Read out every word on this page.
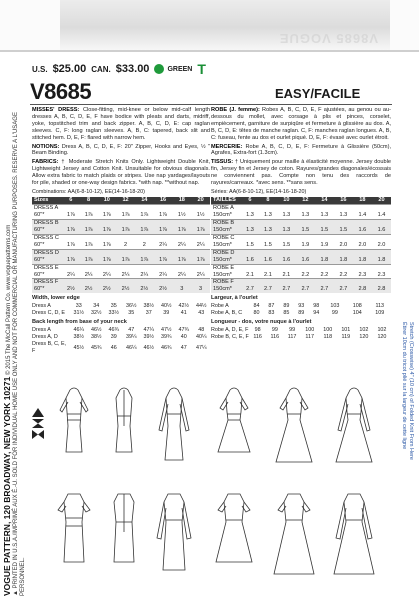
V8685 VOGUE
U.S. $25.00 CAN. $33.00	GREEN T
V8685	EASY/FACILE

MISSES' DRESS: Close-fitting, mid-knee or below mid-calf length dresses A, B, C, D, E, F have bodice with pleats and darts, midriff, yoke, topstitched trim and back zipper. A, B, C, D, E: cap raglan sleeves. C, F: long raglan sleeves. A, B, C: tapered, back slit and stitched hem. D, E, F: flared with narrow hem.

NOTIONS: Dress A, B, C, D, E, F: 20" Zipper, Hooks and Eyes, ½ " Beam Binding.

FABRICS: † Moderate Stretch Knits Only. Lightweight Double Knit, Lightweight Jersey and Cotton Knit. Unsuitable for obvious diagonals. Allow extra fabric to match plaids or stripes. Use nap yardages/layouts for pile, shaded or one-way design fabrics. *with nap. **without nap.

Combinations: AA(6-8-10-12), EE(14-16-18-20)

Sizes	6	8	10	12	14	16	18	20
DRESS A								
60"*	1⅞	1⅞	1⅞	1⅞	1⅞	1⅞	1½	1½
DRESS B								
60"*	1⅞	1⅞	1⅞	1⅞	1⅞	1⅞	1⅞	1⅞
DRESS C								
60"*	1⅞	1⅞	1⅞	2	2	2¼	2¼	2¼
DRESS D								
60"*	1⅞	1⅞	1⅞	1⅞	1⅞	1⅞	1⅞	1⅞
DRESS E								
60"*	2¼	2¼	2¼	2¼	2¼	2¼	2¼	2¼
DRESS F								
60"*	2½	2½	2½	2½	2½	2½	3	3

Width, lower edge

Dress A	33	34	35	36½	38½	40½	42½	44½
Dress C, D, E	31½	32½	33½	35	37	39	41	43

Back length from base of your neck

Dress A	46¼	46½	46¾	47	47¼	47½	47¾	48
Dress A, D	38½	38½	39	39¼	39½	39¾	40	40¼
Dress B, C, E, F	45½	45¾	46	46¼	46½	46¾	47	47¼

ROBE (J. femme): Robes A, B, C, D, E, F ajustées, au genou ou au-dessous du mollet, avec corsage à plis et pinces, corselet, empiècement, garniture de surpiqûre et fermeture à glissière au dos. A, B, C, D, E: têtes de manche raglan. C, F: manches raglan longues. A, B, C: fuseau, fente au dos et ourlet piqué. D, E, F: évasé avec ourlet étroit.

MERCERIE: Robe A, B, C, D, E, F: Fermeture à Glissière (50cm), Agrafes, Extra-fort (1.3cm).

TISSUS: † Uniquement pour maille à élasticité moyenne. Jersey double fin, Jersey fin et Jersey de coton. Rayures/grandes diagonales/écossais ne conviennent pas. Compte non tenu des raccords de rayures/carreaux. *avec sens. **sans sens.

Séries: AA(6-8-10-12), EE(14-16-18-20)

TAILLES	6	8	10	12	14	16	18	20
ROBE A								
150cm*	1.3	1.3	1.3	1.3	1.3	1.3	1.4	1.4
ROBE B								
150cm*	1.3	1.3	1.3	1.5	1.5	1.5	1.6	1.6
ROBE C								
150cm*	1.5	1.5	1.5	1.9	1.9	2.0	2.0	2.0
ROBE D								
150cm*	1.6	1.6	1.6	1.6	1.8	1.8	1.8	1.8
ROBE E								
150cm*	2.1	2.1	2.1	2.2	2.2	2.2	2.3	2.3
ROBE F								
150cm*	2.7	2.7	2.7	2.7	2.7	2.7	2.8	2.8

Largeur, à l'ourlet

Robe A	84	87	89	93	98	103	108	113
Robe A, B, C	80	83	85	89	94	99	104	109

Longueur - dos, votre nuque à l'ourlet

Robe A, D, E, F	98	99	99	100	100	101	102	102
Robe B, C, E, F	116	116	117	117	118	119	120	120
VOGUE PATTERN, 120 BROADWAY, NEW YORK 10271 © 2015 The McCall Pattern Co. www.voguepatterns.com
▲ PRINTED IN U.S.A./IMPRIMÉ AUX É.-U. SOLD FOR INDIVIDUAL HOME USE ONLY AND NOT FOR COMMERCIAL OR MANUFACTURING PURPOSES. RESERVE A L'USAGE PERSONNEL.
Stretch (Crosswise) 4" (10 cm) of Folded Knit From Here
Étirer 10cm du tricot plié sur la largeur de cette ligne
